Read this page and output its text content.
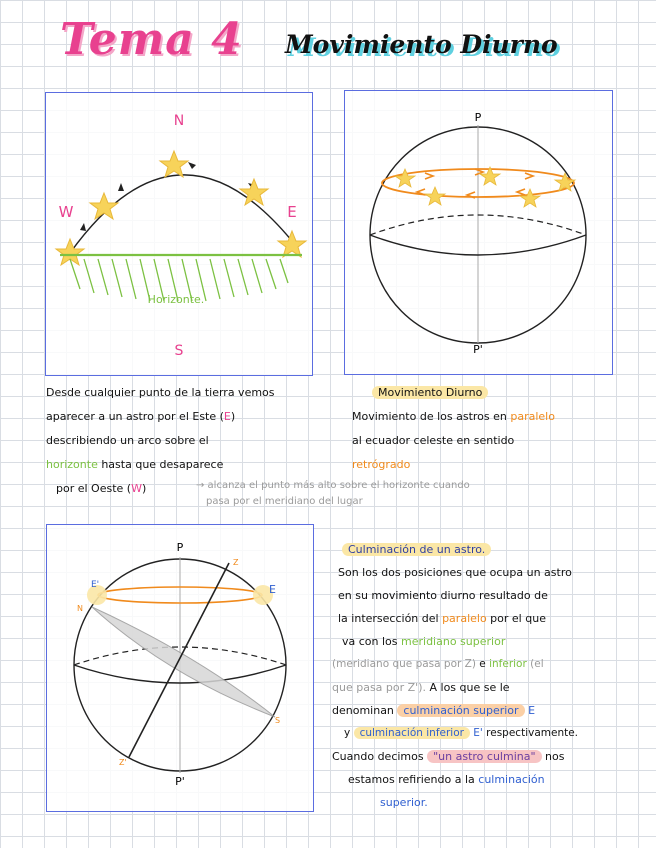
Tema 4 Movimiento Diurno
N
S
W	E
Horizonte.
P
P'
Desde cualquier punto de la tierra vemos
aparecer a un astro por el Este (E)
describiendo un arco sobre el
horizonte hasta que desaparece
por el Oeste (W)	→ alcanza el punto más alto sobre el horizonte cuando
pasa por el meridiano del lugar
Movimiento Diurno
Movimiento de los astros en paralelo
al ecuador celeste en sentido
retrógrado
P
P'
E'	E
N
S
Z
Z'
Culminación de un astro.
Son los dos posiciones que ocupa un astro
en su movimiento diurno resultado de
la intersección del paralelo por el que
va con los meridiano superior
(meridiano que pasa por Z) e inferior (el
que pasa por Z'). A los que se le
denominan culminación superior E
y culminación inferior E' respectivamente.
Cuando decimos "un astro culmina" nos
estamos refiriendo a la culminación
superior.
